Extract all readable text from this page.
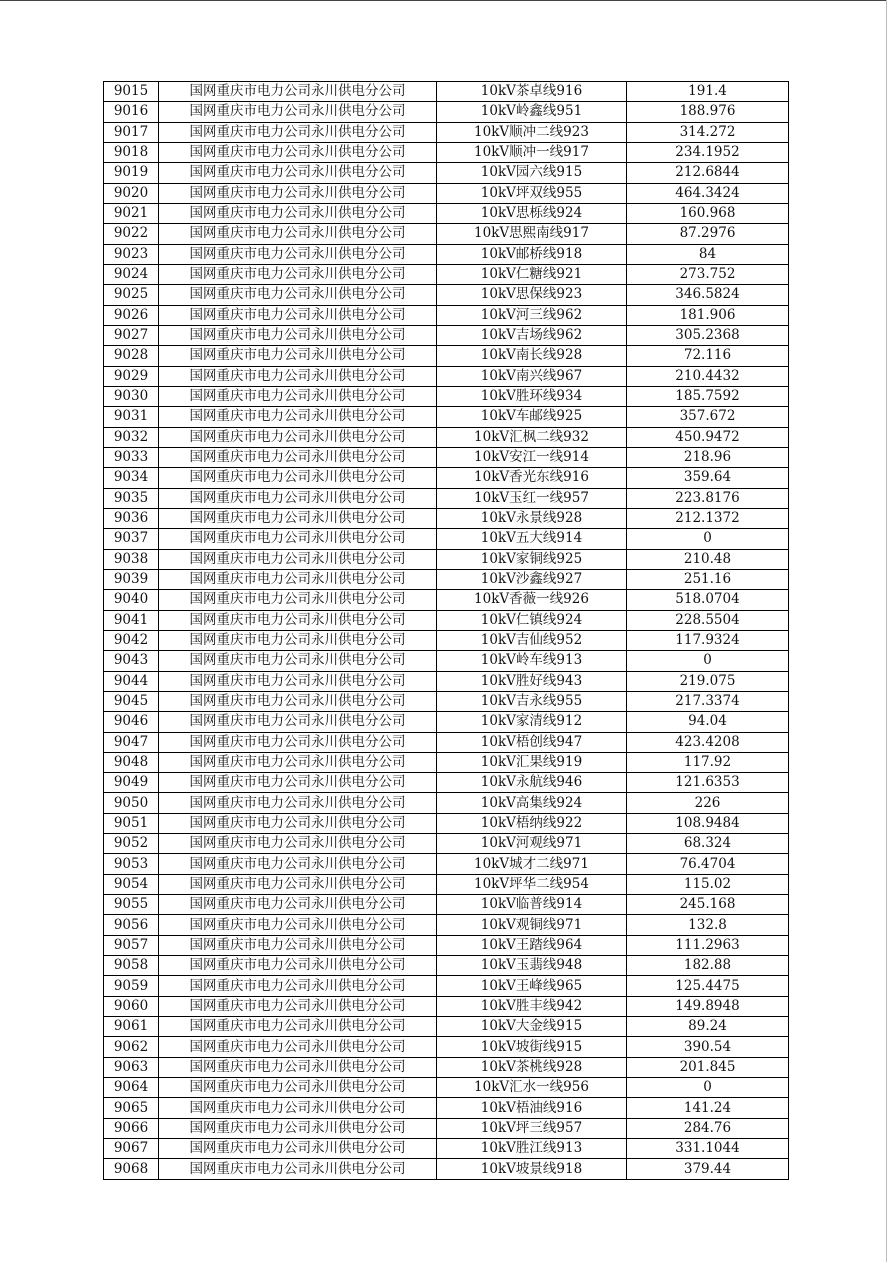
9015	国网重庆市电力公司永川供电分公司	10kV茶卓线916	191.4
9016	国网重庆市电力公司永川供电分公司	10kV岭鑫线951	188.976
9017	国网重庆市电力公司永川供电分公司	10kV顺冲二线923	314.272
9018	国网重庆市电力公司永川供电分公司	10kV顺冲一线917	234.1952
9019	国网重庆市电力公司永川供电分公司	10kV园六线915	212.6844
9020	国网重庆市电力公司永川供电分公司	10kV坪双线955	464.3424
9021	国网重庆市电力公司永川供电分公司	10kV思栎线924	160.968
9022	国网重庆市电力公司永川供电分公司	10kV思熙南线917	87.2976
9023	国网重庆市电力公司永川供电分公司	10kV邮桥线918	84
9024	国网重庆市电力公司永川供电分公司	10kV仁糖线921	273.752
9025	国网重庆市电力公司永川供电分公司	10kV思保线923	346.5824
9026	国网重庆市电力公司永川供电分公司	10kV河三线962	181.906
9027	国网重庆市电力公司永川供电分公司	10kV吉场线962	305.2368
9028	国网重庆市电力公司永川供电分公司	10kV南长线928	72.116
9029	国网重庆市电力公司永川供电分公司	10kV南兴线967	210.4432
9030	国网重庆市电力公司永川供电分公司	10kV胜环线934	185.7592
9031	国网重庆市电力公司永川供电分公司	10kV车邮线925	357.672
9032	国网重庆市电力公司永川供电分公司	10kV汇枫二线932	450.9472
9033	国网重庆市电力公司永川供电分公司	10kV安江一线914	218.96
9034	国网重庆市电力公司永川供电分公司	10kV香光东线916	359.64
9035	国网重庆市电力公司永川供电分公司	10kV玉红一线957	223.8176
9036	国网重庆市电力公司永川供电分公司	10kV永景线928	212.1372
9037	国网重庆市电力公司永川供电分公司	10kV五大线914	0
9038	国网重庆市电力公司永川供电分公司	10kV家铜线925	210.48
9039	国网重庆市电力公司永川供电分公司	10kV沙鑫线927	251.16
9040	国网重庆市电力公司永川供电分公司	10kV香薇一线926	518.0704
9041	国网重庆市电力公司永川供电分公司	10kV仁镇线924	228.5504
9042	国网重庆市电力公司永川供电分公司	10kV吉仙线952	117.9324
9043	国网重庆市电力公司永川供电分公司	10kV岭车线913	0
9044	国网重庆市电力公司永川供电分公司	10kV胜好线943	219.075
9045	国网重庆市电力公司永川供电分公司	10kV吉永线955	217.3374
9046	国网重庆市电力公司永川供电分公司	10kV家清线912	94.04
9047	国网重庆市电力公司永川供电分公司	10kV梧创线947	423.4208
9048	国网重庆市电力公司永川供电分公司	10kV汇果线919	117.92
9049	国网重庆市电力公司永川供电分公司	10kV永航线946	121.6353
9050	国网重庆市电力公司永川供电分公司	10kV高集线924	226
9051	国网重庆市电力公司永川供电分公司	10kV梧纳线922	108.9484
9052	国网重庆市电力公司永川供电分公司	10kV河观线971	68.324
9053	国网重庆市电力公司永川供电分公司	10kV城才二线971	76.4704
9054	国网重庆市电力公司永川供电分公司	10kV坪华二线954	115.02
9055	国网重庆市电力公司永川供电分公司	10kV临普线914	245.168
9056	国网重庆市电力公司永川供电分公司	10kV观铜线971	132.8
9057	国网重庆市电力公司永川供电分公司	10kV王踏线964	111.2963
9058	国网重庆市电力公司永川供电分公司	10kV玉翡线948	182.88
9059	国网重庆市电力公司永川供电分公司	10kV王峰线965	125.4475
9060	国网重庆市电力公司永川供电分公司	10kV胜丰线942	149.8948
9061	国网重庆市电力公司永川供电分公司	10kV大金线915	89.24
9062	国网重庆市电力公司永川供电分公司	10kV坡街线915	390.54
9063	国网重庆市电力公司永川供电分公司	10kV茶桃线928	201.845
9064	国网重庆市电力公司永川供电分公司	10kV汇水一线956	0
9065	国网重庆市电力公司永川供电分公司	10kV梧油线916	141.24
9066	国网重庆市电力公司永川供电分公司	10kV坪三线957	284.76
9067	国网重庆市电力公司永川供电分公司	10kV胜江线913	331.1044
9068	国网重庆市电力公司永川供电分公司	10kV坡景线918	379.44
